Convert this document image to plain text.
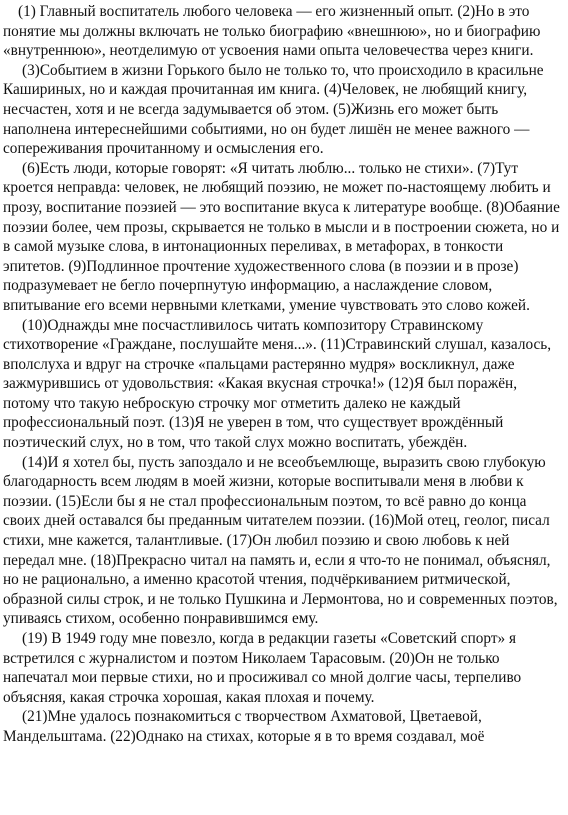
(1) Главный воспитатель любого человека — его жизненный опыт. (2)Но в это понятие мы должны включать не только биографию «внешнюю», но и биографию «внутреннюю», неотделимую от усвоения нами опыта человечества через книги.

(3)Событием в жизни Горького было не только то, что происходило в красильне Кашириных, но и каждая прочитанная им книга. (4)Человек, не любящий книгу, несчастен, хотя и не всегда задумывается об этом. (5)Жизнь его может быть наполнена интереснейшими событиями, но он будет лишён не менее важного — сопереживания прочитанному и осмысления его.

(6)Есть люди, которые говорят: «Я читать люблю... только не стихи». (7)Тут кроется неправда: человек, не любящий поэзию, не может по-настоящему любить и прозу, воспитание поэзией — это воспитание вкуса к литературе вообще. (8)Обаяние поэзии более, чем прозы, скрывается не только в мысли и в построении сюжета, но и в самой музыке слова, в интонационных переливах, в метафорах, в тонкости эпитетов. (9)Подлинное прочтение художественного слова (в поэзии и в прозе) подразумевает не бегло почерпнутую информацию, а наслаждение словом, впитывание его всеми нервными клетками, умение чувствовать это слово кожей.

(10)Однажды мне посчастливилось читать композитору Стравинскому стихотворение «Граждане, послушайте меня...». (11)Стравинский слушал, казалось, вполслуха и вдруг на строчке «пальцами растерянно мудря» воскликнул, даже зажмурившись от удовольствия: «Какая вкусная строчка!» (12)Я был поражён, потому что такую неброскую строчку мог отметить далеко не каждый профессиональный поэт. (13)Я не уверен в том, что существует врождённый поэтический слух, но в том, что такой слух можно воспитать, убеждён.

(14)И я хотел бы, пусть запоздало и не всеобъемлюще, выразить свою глубокую благодарность всем людям в моей жизни, которые воспитывали меня в любви к поэзии. (15)Если бы я не стал профессиональным поэтом, то всё равно до конца своих дней оставался бы преданным читателем поэзии. (16)Мой отец, геолог, писал стихи, мне кажется, талантливые. (17)Он любил поэзию и свою любовь к ней передал мне. (18)Прекрасно читал на память и, если я что-то не понимал, объяснял, но не рационально, а именно красотой чтения, подчёркиванием ритмической, образной силы строк, и не только Пушкина и Лермонтова, но и современных поэтов, упиваясь стихом, особенно понравившимся ему.

(19) В 1949 году мне повезло, когда в редакции газеты «Советский спорт» я встретился с журналистом и поэтом Николаем Тарасовым. (20)Он не только напечатал мои первые стихи, но и просиживал со мной долгие часы, терпеливо объясняя, какая строчка хорошая, какая плохая и почему.

(21)Мне удалось познакомиться с творчеством Ахматовой, Цветаевой, Мандельштама. (22)Однако на стихах, которые я в то время создавал, моё
